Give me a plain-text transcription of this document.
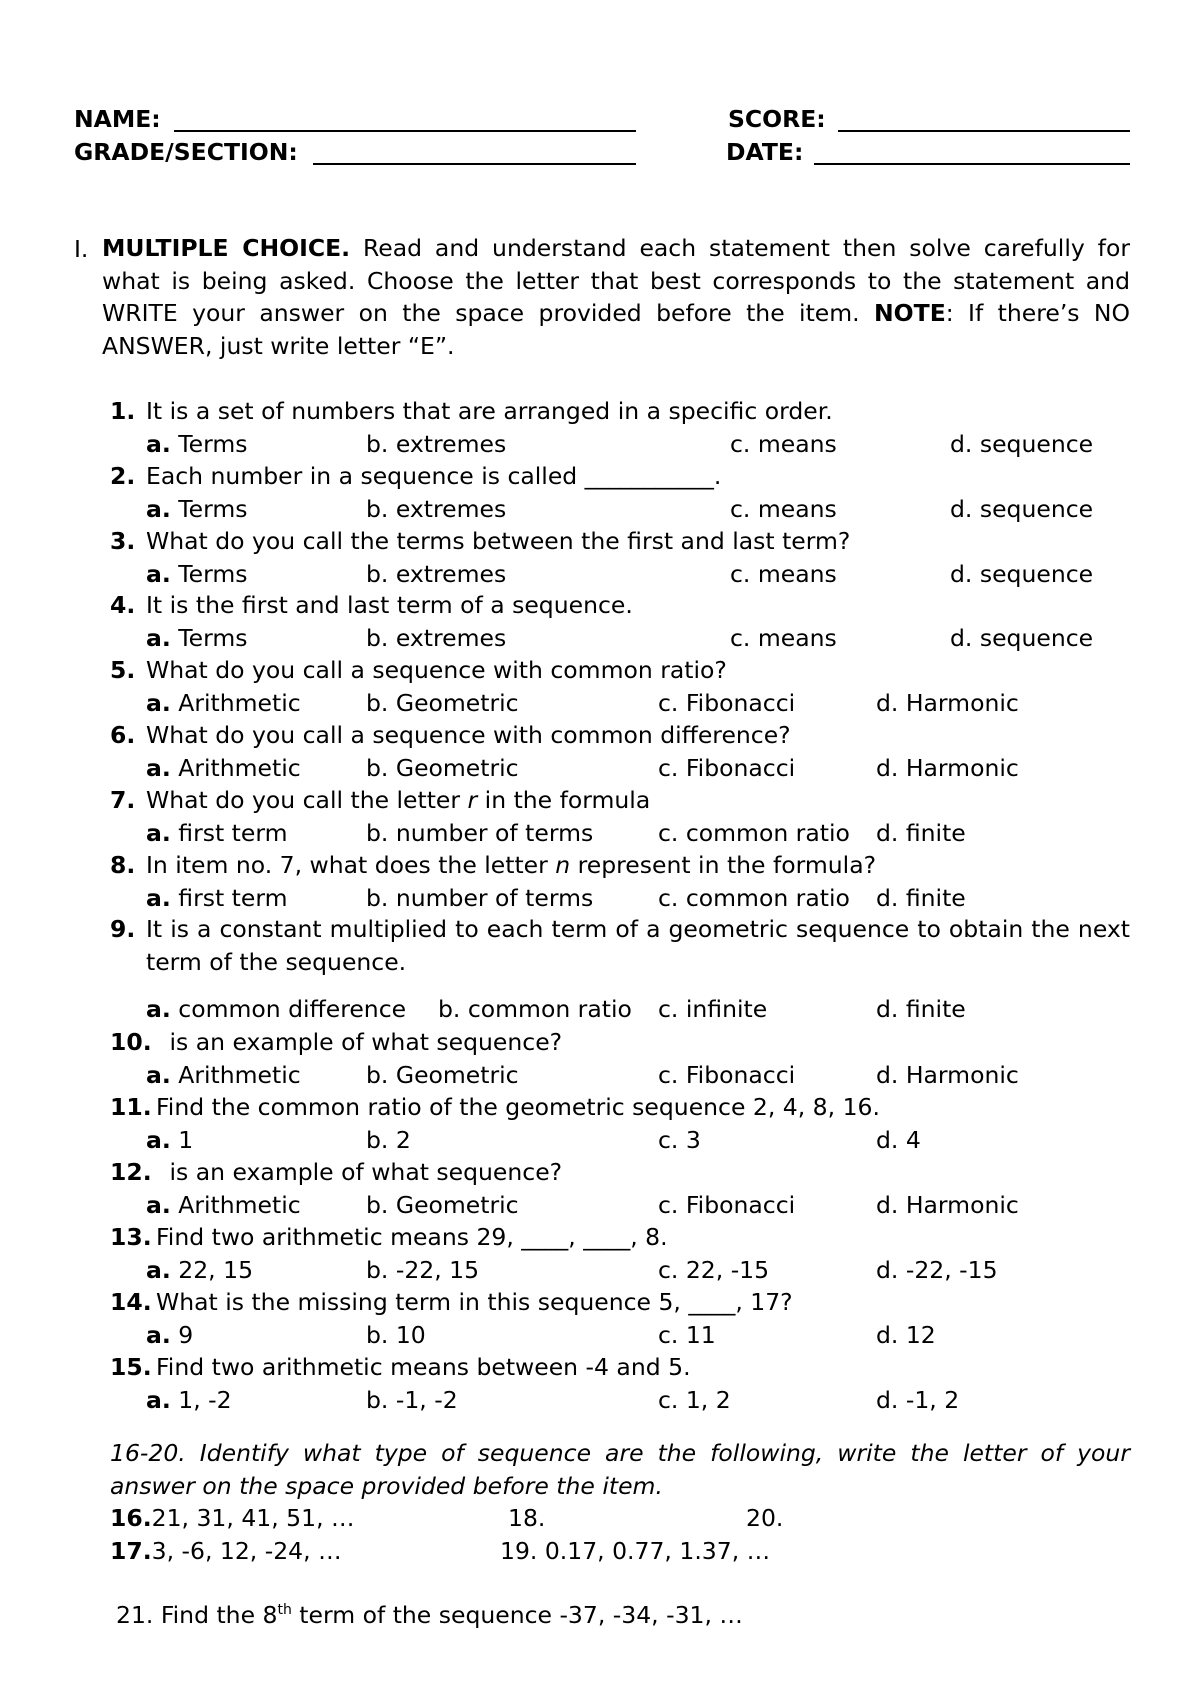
NAME:	SCORE:
GRADE/SECTION:	DATE:
I. MULTIPLE CHOICE. Read and understand each statement then solve carefully for what is being asked. Choose the letter that best corresponds to the statement and WRITE your answer on the space provided before the item. NOTE: If there’s NO ANSWER, just write letter “E”.
1. It is a set of numbers that are arranged in a specific order.
a. Terms	b. extremes	c. means	d. sequence
2. Each number in a sequence is called ___________.
a. Terms	b. extremes	c. means	d. sequence
3. What do you call the terms between the first and last term?
a. Terms	b. extremes	c. means	d. sequence
4. It is the first and last term of a sequence.
a. Terms	b. extremes	c. means	d. sequence
5. What do you call a sequence with common ratio?
a. Arithmetic	b. Geometric	c. Fibonacci	d. Harmonic
6. What do you call a sequence with common difference?
a. Arithmetic	b. Geometric	c. Fibonacci	d. Harmonic
7. What do you call the letter r in the formula
a. first term	b. number of terms	c. common ratio d. finite
8. In item no. 7, what does the letter n represent in the formula?
a. first term	b. number of terms	c. common ratio d. finite
9. It is a constant multiplied to each term of a geometric sequence to obtain the next term of the sequence.
a. common difference b. common ratio c. infinite	d. finite
10. is an example of what sequence?
a. Arithmetic	b. Geometric	c. Fibonacci	d. Harmonic
11. Find the common ratio of the geometric sequence 2, 4, 8, 16.
a. 1	b. 2	c. 3	d. 4
12. is an example of what sequence?
a. Arithmetic	b. Geometric	c. Fibonacci	d. Harmonic
13. Find two arithmetic means 29, ____, ____, 8.
a. 22, 15	b. -22, 15	c. 22, -15	d. -22, -15
14. What is the missing term in this sequence 5, ____, 17?
a. 9	b. 10	c. 11	d. 12
15. Find two arithmetic means between -4 and 5.
a. 1, -2	b. -1, -2	c. 1, 2	d. -1, 2
16-20. Identify what type of sequence are the following, write the letter of your answer on the space provided before the item.
16.21, 31, 41, 51, …	18.	20.
17.3, -6, 12, -24, …	19. 0.17, 0.77, 1.37, …
21. Find the 8th term of the sequence -37, -34, -31, …
